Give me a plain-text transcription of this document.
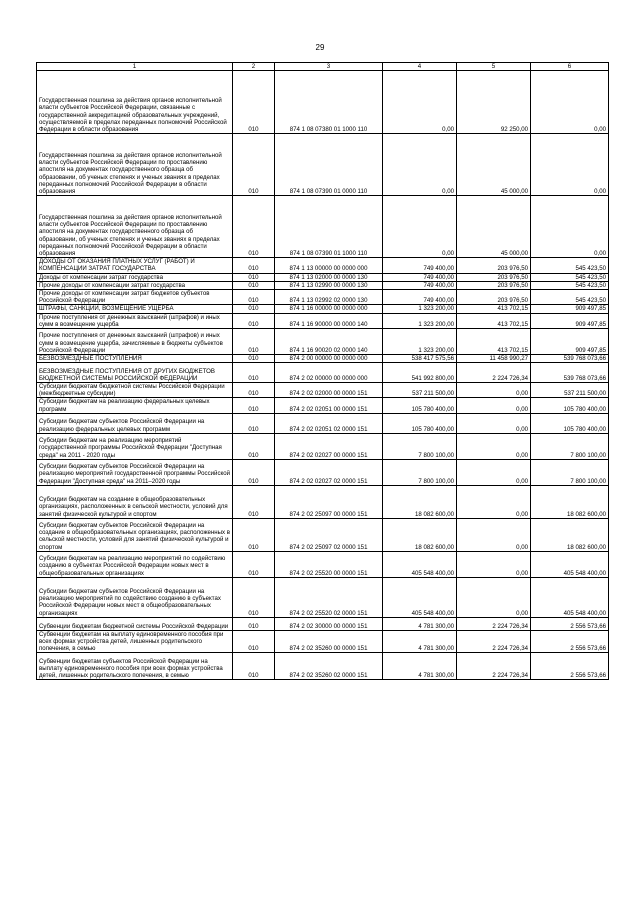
29
1	2	3	4	5	6
Государственная пошлина за действия органов исполнительной власти субъектов Российской Федерации, связанные с государственной аккредитацией образовательных учреждений, осуществляемой в пределах переданных полномочий Российской Федерации в области образования	010	874 1 08 07380 01 1000 110	0,00	92 250,00	0,00
Государственная пошлина за действия органов исполнительной власти субъектов Российской Федерации по проставлению апостиля на документах государственного образца об образовании, об ученых степенях и ученых званиях в пределах переданных полномочий Российской Федерации в области образования	010	874 1 08 07390 01 0000 110	0,00	45 000,00	0,00
Государственная пошлина за действия органов исполнительной власти субъектов Российской Федерации по проставлению апостиля на документах государственного образца об образовании, об ученых степенях и ученых званиях в пределах переданных полномочий Российской Федерации в области образования	010	874 1 08 07390 01 1000 110	0,00	45 000,00	0,00
ДОХОДЫ ОТ ОКАЗАНИЯ ПЛАТНЫХ УСЛУГ (РАБОТ) И КОМПЕНСАЦИИ ЗАТРАТ ГОСУДАРСТВА	010	874 1 13 00000 00 0000 000	749 400,00	203 976,50	545 423,50
Доходы от компенсации затрат государства	010	874 1 13 02000 00 0000 130	749 400,00	203 976,50	545 423,50
Прочие доходы от компенсации затрат государства	010	874 1 13 02990 00 0000 130	749 400,00	203 976,50	545 423,50
Прочие доходы от компенсации затрат бюджетов субъектов Российской Федерации	010	874 1 13 02992 02 0000 130	749 400,00	203 976,50	545 423,50
ШТРАФЫ, САНКЦИИ, ВОЗМЕЩЕНИЕ УЩЕРБА	010	874 1 16 00000 00 0000 000	1 323 200,00	413 702,15	909 497,85
Прочие поступления от денежных взысканий (штрафов) и иных сумм в возмещение ущерба	010	874 1 16 90000 00 0000 140	1 323 200,00	413 702,15	909 497,85
Прочие поступления от денежных взысканий (штрафов) и иных сумм в возмещение ущерба, зачисляемые в бюджеты субъектов Российской Федерации	010	874 1 16 90020 02 0000 140	1 323 200,00	413 702,15	909 497,85
БЕЗВОЗМЕЗДНЫЕ ПОСТУПЛЕНИЯ	010	874 2 00 00000 00 0000 000	538 417 575,56	11 458 990,27	539 768 073,66
БЕЗВОЗМЕЗДНЫЕ ПОСТУПЛЕНИЯ ОТ ДРУГИХ БЮДЖЕТОВ БЮДЖЕТНОЙ СИСТЕМЫ РОССИЙСКОЙ ФЕДЕРАЦИИ	010	874 2 02 00000 00 0000 000	541 992 800,00	2 224 726,34	539 768 073,66
Субсидии бюджетам бюджетной системы Российской Федерации (межбюджетные субсидии)	010	874 2 02 02000 00 0000 151	537 211 500,00	0,00	537 211 500,00
Субсидии бюджетам на реализацию федеральных целевых программ	010	874 2 02 02051 00 0000 151	105 780 400,00	0,00	105 780 400,00
Субсидии бюджетам субъектов Российской Федерации на реализацию федеральных целевых программ	010	874 2 02 02051 02 0000 151	105 780 400,00	0,00	105 780 400,00
Субсидии бюджетам на реализацию мероприятий государственной программы Российской Федерации "Доступная среда" на 2011 - 2020 годы	010	874 2 02 02027 00 0000 151	7 800 100,00	0,00	7 800 100,00
Субсидии бюджетам субъектов Российской Федерации на реализацию мероприятий государственной программы Российской Федерации "Доступная среда" на 2011–2020 годы	010	874 2 02 02027 02 0000 151	7 800 100,00	0,00	7 800 100,00
Субсидии бюджетам на создание в общеобразовательных организациях, расположенных в сельской местности, условий для занятий физической культурой и спортом	010	874 2 02 25097 00 0000 151	18 082 600,00	0,00	18 082 600,00
Субсидии бюджетам субъектов Российской Федерации на создание в общеобразовательных организациях, расположенных в сельской местности, условий для занятий физической культурой и спортом	010	874 2 02 25097 02 0000 151	18 082 600,00	0,00	18 082 600,00
Субсидии бюджетам на реализацию мероприятий по содействию созданию в субъектах Российской Федерации новых мест в общеобразовательных организациях	010	874 2 02 25520 00 0000 151	405 548 400,00	0,00	405 548 400,00
Субсидии бюджетам субъектов Российской Федерации на реализацию мероприятий по содействию созданию в субъектах Российской Федерации новых мест в общеобразовательных организациях	010	874 2 02 25520 02 0000 151	405 548 400,00	0,00	405 548 400,00
Субвенции бюджетам бюджетной системы Российской Федерации	010	874 2 02 30000 00 0000 151	4 781 300,00	2 224 726,34	2 556 573,66
Субвенции бюджетам на выплату единовременного пособия при всех формах устройства детей, лишенных родительского попечения, в семью	010	874 2 02 35260 00 0000 151	4 781 300,00	2 224 726,34	2 556 573,66
Субвенции бюджетам субъектов Российской Федерации на выплату единовременного пособия при всех формах устройства детей, лишенных родительского попечения, в семью	010	874 2 02 35260 02 0000 151	4 781 300,00	2 224 726,34	2 556 573,66
